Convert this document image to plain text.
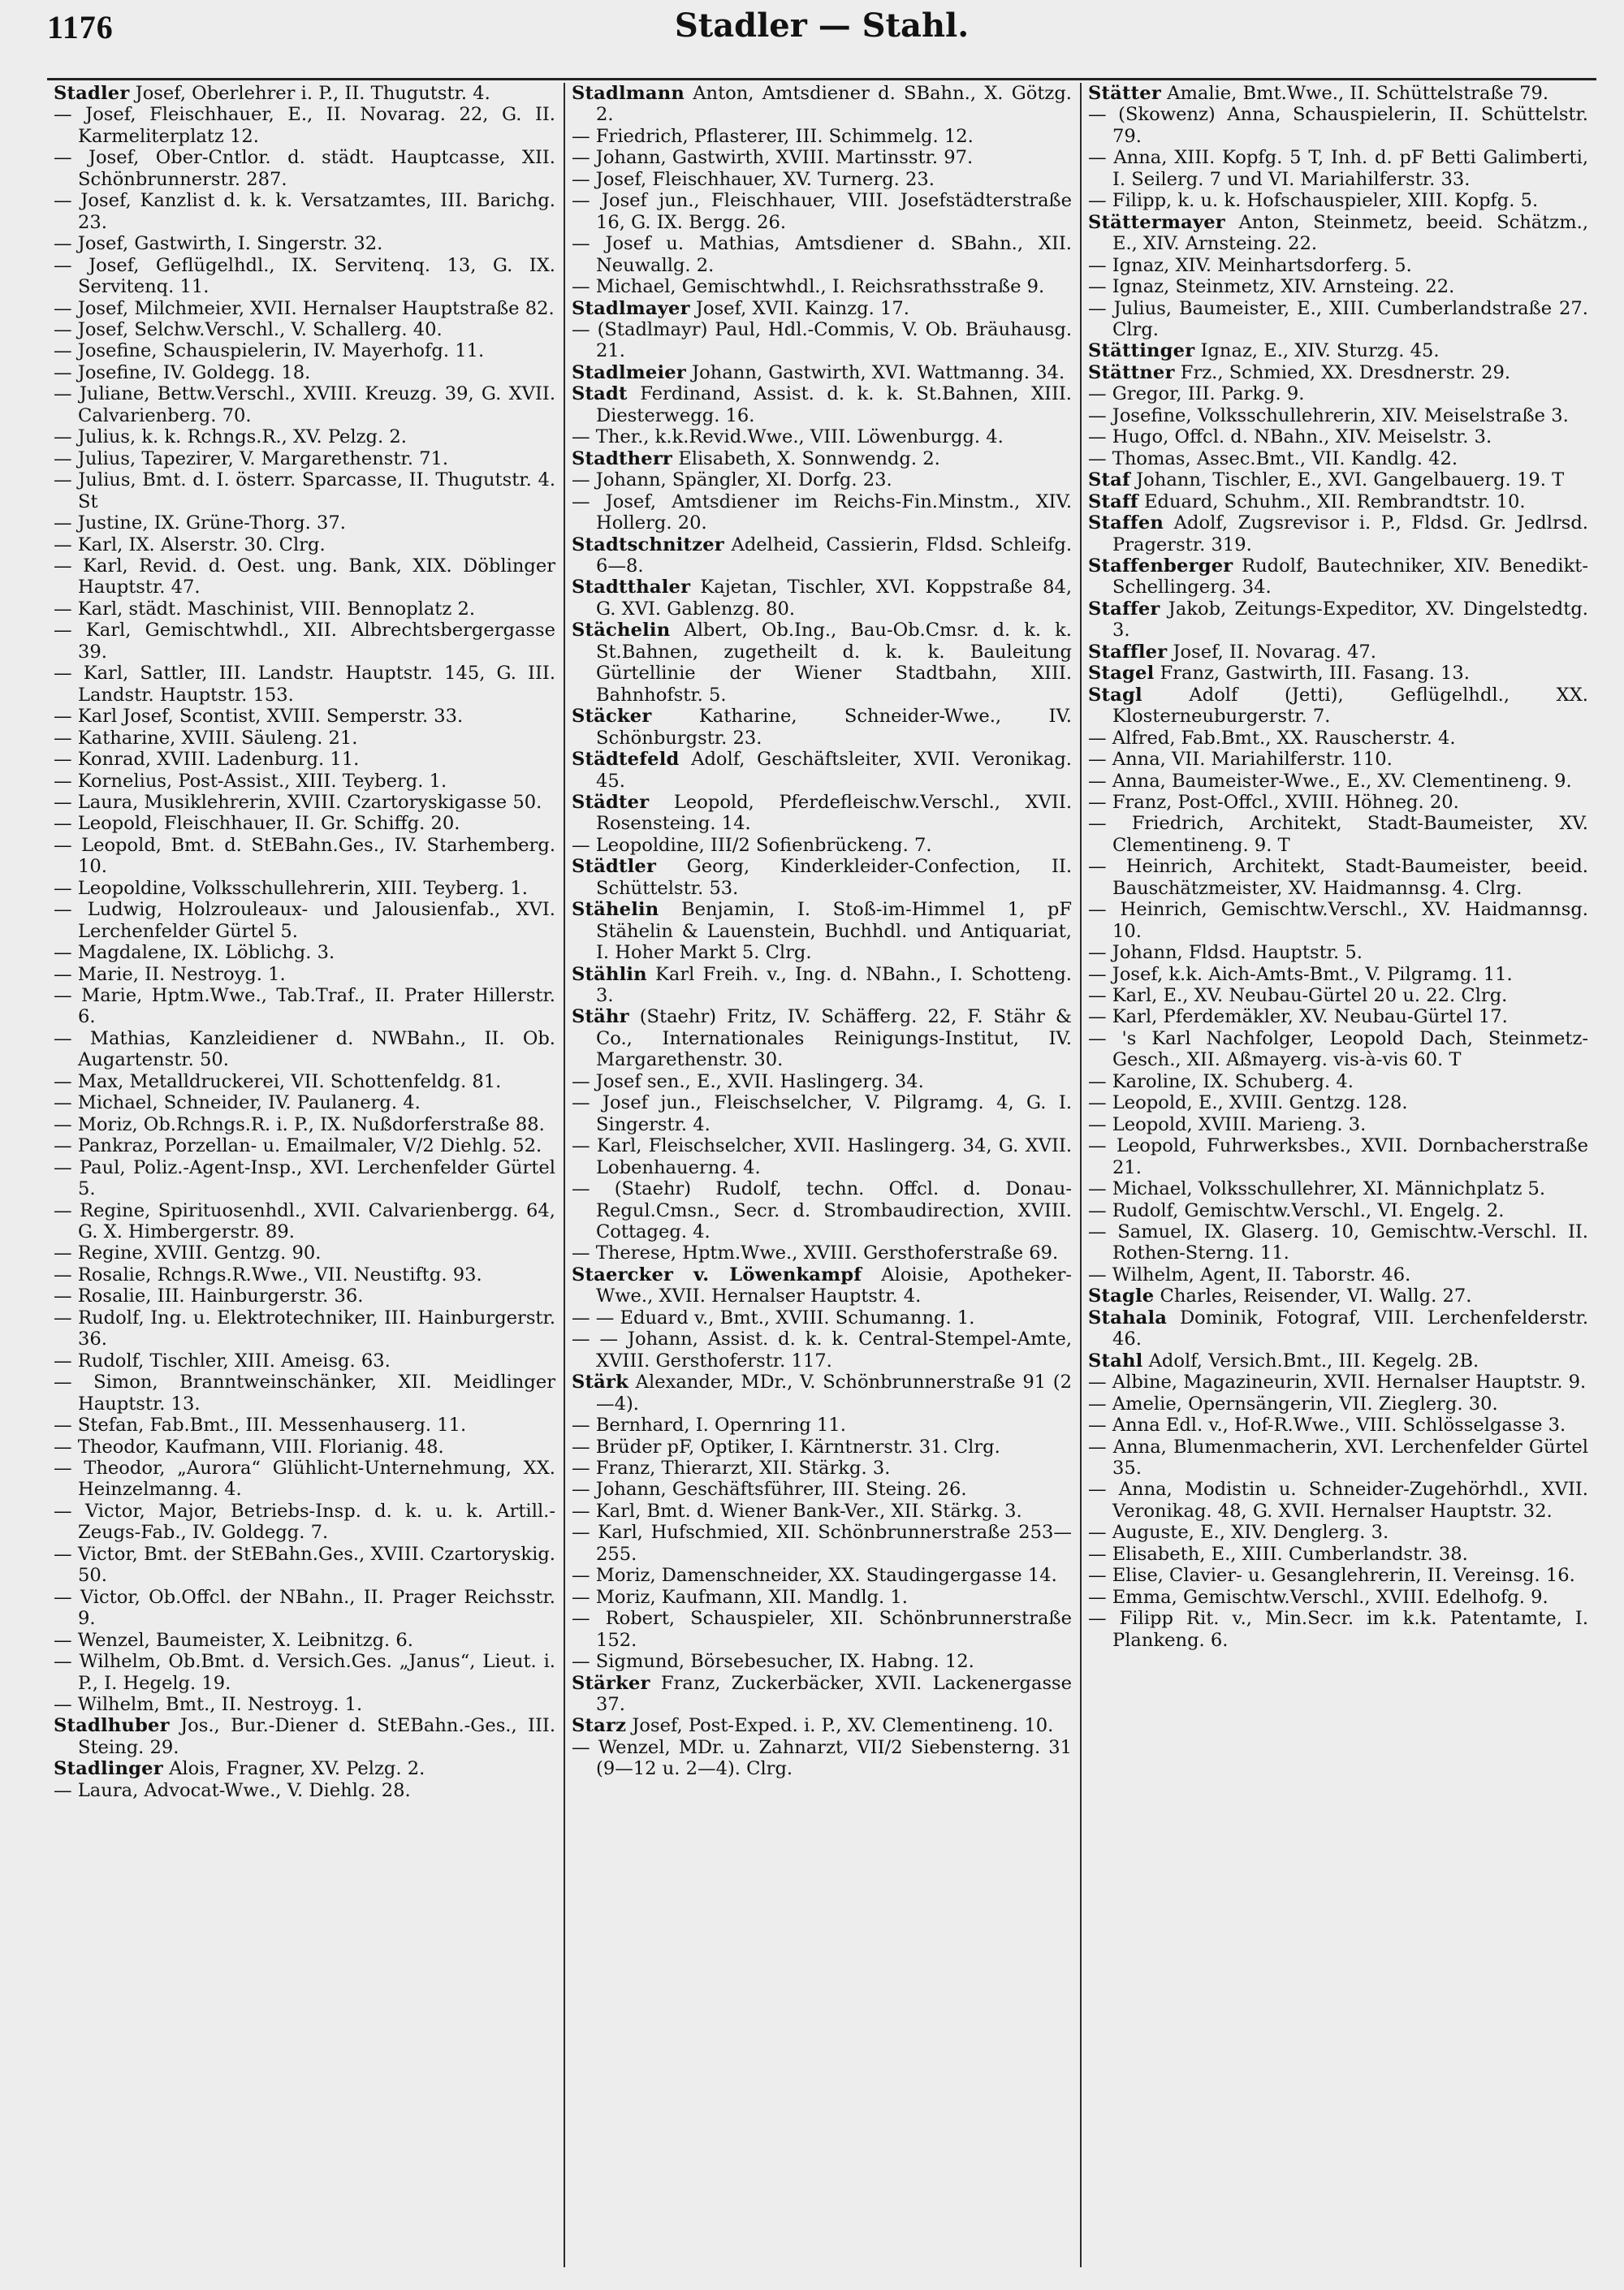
1176	Stadler — Stahl.

Stadler Josef, Oberlehrer i. P., II. Thugutstr. 4.

— Josef, Fleischhauer, E., II. Novarag. 22, G. II. Karmeliterplatz 12.

— Josef, Ober-Cntlor. d. städt. Hauptcasse, XII. Schönbrunnerstr. 287.

— Josef, Kanzlist d. k. k. Versatzamtes, III. Barichg. 23.

— Josef, Gastwirth, I. Singerstr. 32.

— Josef, Geflügelhdl., IX. Servitenq. 13, G. IX. Servitenq. 11.

— Josef, Milchmeier, XVII. Hernalser Hauptstraße 82.

— Josef, Selchw.Verschl., V. Schallerg. 40.

— Josefine, Schauspielerin, IV. Mayerhofg. 11.

— Josefine, IV. Goldegg. 18.

— Juliane, Bettw.Verschl., XVIII. Kreuzg. 39, G. XVII. Calvarienberg. 70.

— Julius, k. k. Rchngs.R., XV. Pelzg. 2.

— Julius, Tapezirer, V. Margarethenstr. 71.

— Julius, Bmt. d. I. österr. Sparcasse, II. Thugutstr. 4. St

— Justine, IX. Grüne-Thorg. 37.

— Karl, IX. Alserstr. 30. Clrg.

— Karl, Revid. d. Oest. ung. Bank, XIX. Döblinger Hauptstr. 47.

— Karl, städt. Maschinist, VIII. Bennoplatz 2.

— Karl, Gemischtwhdl., XII. Albrechtsbergergasse 39.

— Karl, Sattler, III. Landstr. Hauptstr. 145, G. III. Landstr. Hauptstr. 153.

— Karl Josef, Scontist, XVIII. Semperstr. 33.

— Katharine, XVIII. Säuleng. 21.

— Konrad, XVIII. Ladenburg. 11.

— Kornelius, Post-Assist., XIII. Teyberg. 1.

— Laura, Musiklehrerin, XVIII. Czartoryskigasse 50.

— Leopold, Fleischhauer, II. Gr. Schiffg. 20.

— Leopold, Bmt. d. StEBahn.Ges., IV. Starhemberg. 10.

— Leopoldine, Volksschullehrerin, XIII. Teyberg. 1.

— Ludwig, Holzrouleaux- und Jalousienfab., XVI. Lerchenfelder Gürtel 5.

— Magdalene, IX. Löblichg. 3.

— Marie, II. Nestroyg. 1.

— Marie, Hptm.Wwe., Tab.Traf., II. Prater Hillerstr. 6.

— Mathias, Kanzleidiener d. NWBahn., II. Ob. Augartenstr. 50.

— Max, Metalldruckerei, VII. Schottenfeldg. 81.

— Michael, Schneider, IV. Paulanerg. 4.

— Moriz, Ob.Rchngs.R. i. P., IX. Nußdorferstraße 88.

— Pankraz, Porzellan- u. Emailmaler, V/2 Diehlg. 52.

— Paul, Poliz.-Agent-Insp., XVI. Lerchenfelder Gürtel 5.

— Regine, Spirituosenhdl., XVII. Calvarienbergg. 64, G. X. Himbergerstr. 89.

— Regine, XVIII. Gentzg. 90.

— Rosalie, Rchngs.R.Wwe., VII. Neustiftg. 93.

— Rosalie, III. Hainburgerstr. 36.

— Rudolf, Ing. u. Elektrotechniker, III. Hainburgerstr. 36.

— Rudolf, Tischler, XIII. Ameisg. 63.

— Simon, Branntweinschänker, XII. Meidlinger Hauptstr. 13.

— Stefan, Fab.Bmt., III. Messenhauserg. 11.

— Theodor, Kaufmann, VIII. Florianig. 48.

— Theodor, „Aurora“ Glühlicht-Unternehmung, XX. Heinzelmanng. 4.

— Victor, Major, Betriebs-Insp. d. k. u. k. Artill.-Zeugs-Fab., IV. Goldegg. 7.

— Victor, Bmt. der StEBahn.Ges., XVIII. Czartoryskig. 50.

— Victor, Ob.Offcl. der NBahn., II. Prager Reichsstr. 9.

— Wenzel, Baumeister, X. Leibnitzg. 6.

— Wilhelm, Ob.Bmt. d. Versich.Ges. „Janus“, Lieut. i. P., I. Hegelg. 19.

— Wilhelm, Bmt., II. Nestroyg. 1.

Stadlhuber Jos., Bur.-Diener d. StEBahn.-Ges., III. Steing. 29.

Stadlinger Alois, Fragner, XV. Pelzg. 2.

— Laura, Advocat-Wwe., V. Diehlg. 28.

Stadlmann Anton, Amtsdiener d. SBahn., X. Götzg. 2.

— Friedrich, Pflasterer, III. Schimmelg. 12.

— Johann, Gastwirth, XVIII. Martinsstr. 97.

— Josef, Fleischhauer, XV. Turnerg. 23.

— Josef jun., Fleischhauer, VIII. Josefstädterstraße 16, G. IX. Bergg. 26.

— Josef u. Mathias, Amtsdiener d. SBahn., XII. Neuwallg. 2.

— Michael, Gemischtwhdl., I. Reichsrathsstraße 9.

Stadlmayer Josef, XVII. Kainzg. 17.

— (Stadlmayr) Paul, Hdl.-Commis, V. Ob. Bräuhausg. 21.

Stadlmeier Johann, Gastwirth, XVI. Wattmanng. 34.

Stadt Ferdinand, Assist. d. k. k. St.Bahnen, XIII. Diesterwegg. 16.

— Ther., k.k.Revid.Wwe., VIII. Löwenburgg. 4.

Stadtherr Elisabeth, X. Sonnwendg. 2.

— Johann, Spängler, XI. Dorfg. 23.

— Josef, Amtsdiener im Reichs-Fin.Minstm., XIV. Hollerg. 20.

Stadtschnitzer Adelheid, Cassierin, Fldsd. Schleifg. 6—8.

Stadtthaler Kajetan, Tischler, XVI. Koppstraße 84, G. XVI. Gablenzg. 80.

Stächelin Albert, Ob.Ing., Bau-Ob.Cmsr. d. k. k. St.Bahnen, zugetheilt d. k. k. Bauleitung Gürtellinie der Wiener Stadtbahn, XIII. Bahnhofstr. 5.

Stäcker	Katharine, Schneider-Wwe., IV. Schönburgstr. 23.

Städtefeld Adolf, Geschäftsleiter, XVII. Veronikag. 45.

Städter Leopold, Pferdefleischw.Verschl., XVII. Rosensteing. 14.

— Leopoldine, III/2 Sofienbrückeng. 7.

Städtler Georg, Kinderkleider-Confection, II. Schüttelstr. 53.

Stähelin Benjamin, I. Stoß-im-Himmel 1, pF Stähelin & Lauenstein, Buchhdl. und Antiquariat, I. Hoher Markt 5. Clrg.

Stählin Karl Freih. v., Ing. d. NBahn., I. Schotteng. 3.

Stähr (Staehr) Fritz, IV. Schäfferg. 22, F. Stähr & Co., Internationales Reinigungs-Institut, IV. Margarethenstr. 30.

— Josef sen., E., XVII. Haslingerg. 34.

— Josef jun., Fleischselcher, V. Pilgramg. 4, G. I. Singerstr. 4.

— Karl, Fleischselcher, XVII. Haslingerg. 34, G. XVII. Lobenhauerng. 4.

— (Staehr) Rudolf, techn. Offcl. d. Donau-Regul.Cmsn., Secr. d. Strombaudirection, XVIII. Cottageg. 4.

— Therese, Hptm.Wwe., XVIII. Gersthoferstraße 69.

Staercker v. Löwenkampf Aloisie, Apotheker-Wwe., XVII. Hernalser Hauptstr. 4.

— — Eduard v., Bmt., XVIII. Schumanng. 1.

— — Johann, Assist. d. k. k. Central-Stempel-Amte, XVIII. Gersthoferstr. 117.

Stärk Alexander, MDr., V. Schönbrunnerstraße 91 (2—4).

— Bernhard, I. Opernring 11.

— Brüder pF, Optiker, I. Kärntnerstr. 31. Clrg.

— Franz, Thierarzt, XII. Stärkg. 3.

— Johann, Geschäftsführer, III. Steing. 26.

— Karl, Bmt. d. Wiener Bank-Ver., XII. Stärkg. 3.

— Karl, Hufschmied, XII. Schönbrunnerstraße 253—255.

— Moriz, Damenschneider, XX. Staudingergasse 14.

— Moriz, Kaufmann, XII. Mandlg. 1.

— Robert, Schauspieler, XII. Schönbrunnerstraße 152.

— Sigmund, Börsebesucher, IX. Habng. 12.

Stärker Franz, Zuckerbäcker, XVII. Lackenergasse 37.

Starz Josef, Post-Exped. i. P., XV. Clementineng. 10.

— Wenzel, MDr. u. Zahnarzt, VII/2 Siebensterng. 31 (9—12 u. 2—4). Clrg.

Stätter Amalie, Bmt.Wwe., II. Schüttelstraße 79.

— (Skowenz) Anna, Schauspielerin, II. Schüttelstr. 79.

— Anna, XIII. Kopfg. 5 T, Inh. d. pF Betti Galimberti, I. Seilerg. 7 und VI. Mariahilferstr. 33.

— Filipp, k. u. k. Hofschauspieler, XIII. Kopfg. 5.

Stättermayer Anton, Steinmetz, beeid. Schätzm., E., XIV. Arnsteing. 22.

— Ignaz, XIV. Meinhartsdorferg. 5.

— Ignaz, Steinmetz, XIV. Arnsteing. 22.

— Julius, Baumeister, E., XIII. Cumberlandstraße 27. Clrg.

Stättinger Ignaz, E., XIV. Sturzg. 45.

Stättner Frz., Schmied, XX. Dresdnerstr. 29.

— Gregor, III. Parkg. 9.

— Josefine, Volksschullehrerin, XIV. Meiselstraße 3.

— Hugo, Offcl. d. NBahn., XIV. Meiselstr. 3.

— Thomas, Assec.Bmt., VII. Kandlg. 42.

Staf Johann, Tischler, E., XVI. Gangelbauerg. 19. T

Staff Eduard, Schuhm., XII. Rembrandtstr. 10.

Staffen Adolf, Zugsrevisor i. P., Fldsd. Gr. Jedlrsd. Pragerstr. 319.

Staffenberger Rudolf, Bautechniker, XIV. Benedikt-Schellingerg. 34.

Staffer Jakob, Zeitungs-Expeditor, XV. Dingelstedtg. 3.

Staffler Josef, II. Novarag. 47.

Stagel Franz, Gastwirth, III. Fasang. 13.

Stagl	Adolf (Jetti), Geflügelhdl., XX. Klosterneuburgerstr. 7.

— Alfred, Fab.Bmt., XX. Rauscherstr. 4.

— Anna, VII. Mariahilferstr. 110.

— Anna, Baumeister-Wwe., E., XV. Clementineng. 9.

— Franz, Post-Offcl., XVIII. Höhneg. 20.

— Friedrich, Architekt, Stadt-Baumeister, XV. Clementineng. 9. T

— Heinrich, Architekt, Stadt-Baumeister, beeid. Bauschätzmeister, XV. Haidmannsg. 4. Clrg.

— Heinrich, Gemischtw.Verschl., XV. Haidmannsg. 10.

— Johann, Fldsd. Hauptstr. 5.

— Josef, k.k. Aich-Amts-Bmt., V. Pilgramg. 11.

— Karl, E., XV. Neubau-Gürtel 20 u. 22. Clrg.

— Karl, Pferdemäkler, XV. Neubau-Gürtel 17.

— 's Karl Nachfolger, Leopold Dach, Steinmetz-Gesch., XII. Aßmayerg. vis-à-vis 60. T

— Karoline, IX. Schuberg. 4.

— Leopold, E., XVIII. Gentzg. 128.

— Leopold, XVIII. Marieng. 3.

— Leopold, Fuhrwerksbes., XVII. Dornbacherstraße 21.

— Michael, Volksschullehrer, XI. Männichplatz 5.

— Rudolf, Gemischtw.Verschl., VI. Engelg. 2.

— Samuel, IX. Glaserg. 10, Gemischtw.-Verschl. II. Rothen-Sterng. 11.

— Wilhelm, Agent, II. Taborstr. 46.

Stagle Charles, Reisender, VI. Wallg. 27.

Stahala Dominik, Fotograf, VIII. Lerchenfelderstr. 46.

Stahl Adolf, Versich.Bmt., III. Kegelg. 2B.

— Albine, Magazineurin, XVII. Hernalser Hauptstr. 9.

— Amelie, Opernsängerin, VII. Zieglerg. 30.

— Anna Edl. v., Hof-R.Wwe., VIII. Schlösselgasse 3.

— Anna, Blumenmacherin, XVI. Lerchenfelder Gürtel 35.

— Anna, Modistin u. Schneider-Zugehörhdl., XVII. Veronikag. 48, G. XVII. Hernalser Hauptstr. 32.

— Auguste, E., XIV. Denglerg. 3.

— Elisabeth, E., XIII. Cumberlandstr. 38.

— Elise, Clavier- u. Gesanglehrerin, II. Vereinsg. 16.

— Emma, Gemischtw.Verschl., XVIII. Edelhofg. 9.

— Filipp Rit. v., Min.Secr. im k.k. Patentamte, I. Plankeng. 6.
